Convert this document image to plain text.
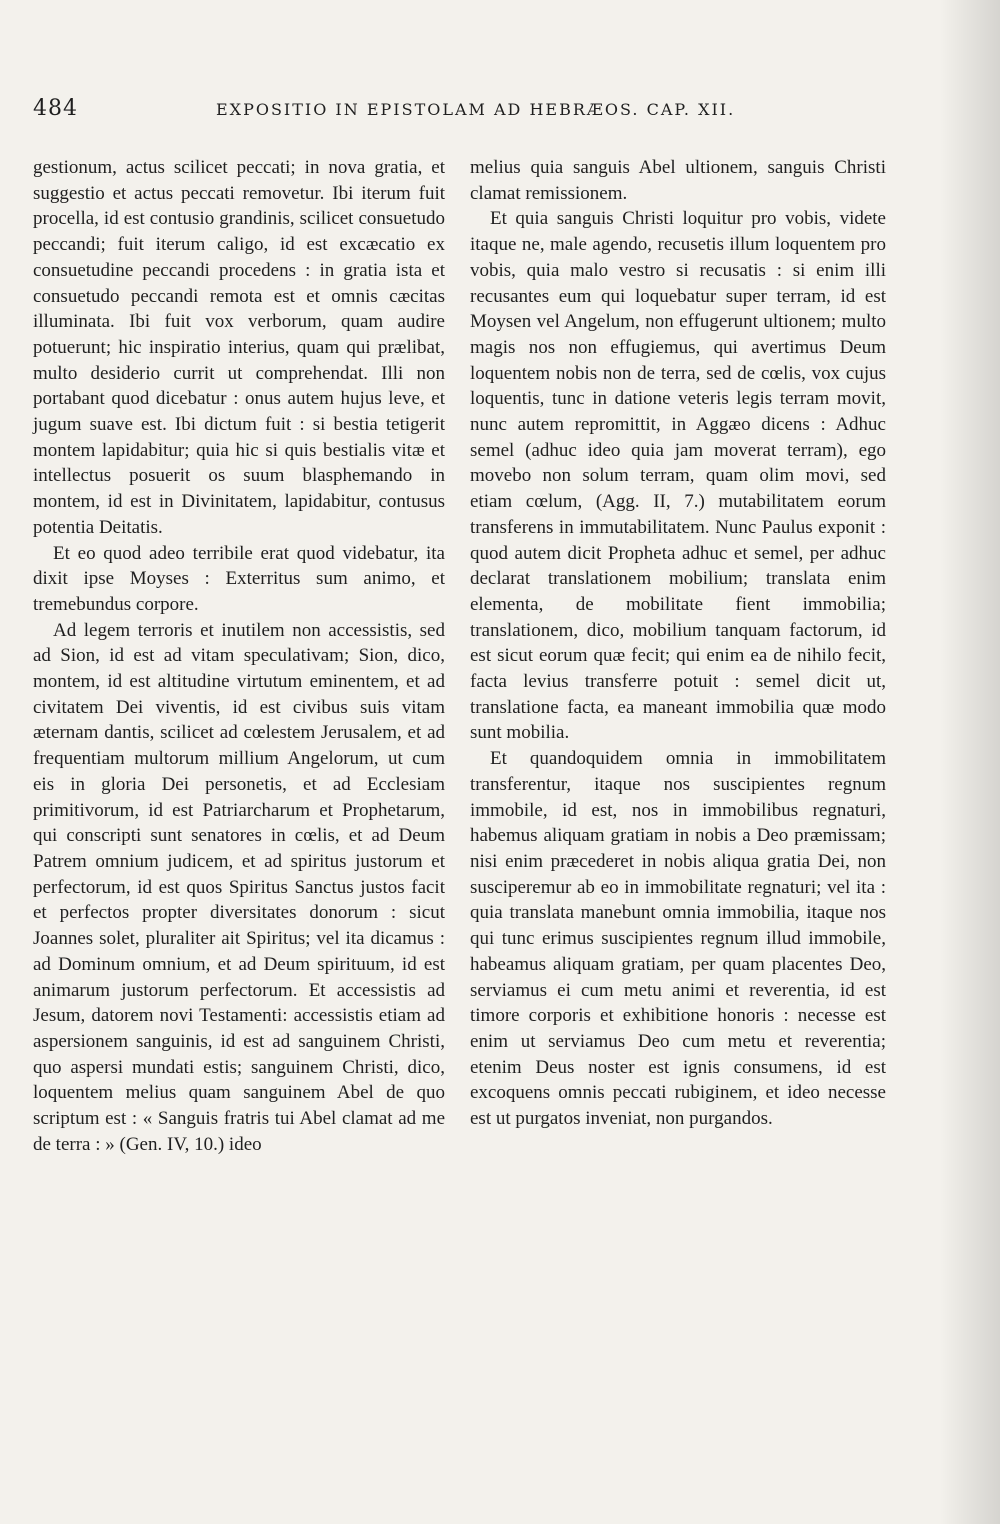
484	EXPOSITIO IN EPISTOLAM AD HEBRÆOS. CAP. XII.

gestionum, actus scilicet peccati; in nova gratia, et suggestio et actus peccati removetur. Ibi iterum fuit procella, id est contusio grandinis, scilicet consuetudo peccandi; fuit iterum caligo, id est excæcatio ex consuetudine peccandi procedens : in gratia ista et consuetudo peccandi remota est et omnis cæcitas illuminata. Ibi fuit vox verborum, quam audire potuerunt; hic inspiratio interius, quam qui prælibat, multo desiderio currit ut comprehendat. Illi non portabant quod dicebatur : onus autem hujus leve, et jugum suave est. Ibi dictum fuit : si bestia tetigerit montem lapidabitur; quia hic si quis bestialis vitæ et intellectus posuerit os suum blasphemando in montem, id est in Divinitatem, lapidabitur, contusus potentia Deitatis.

Et eo quod adeo terribile erat quod videbatur, ita dixit ipse Moyses : Exterritus sum animo, et tremebundus corpore.

Ad legem terroris et inutilem non accessistis, sed ad Sion, id est ad vitam speculativam; Sion, dico, montem, id est altitudine virtutum eminentem, et ad civitatem Dei viventis, id est civibus suis vitam æternam dantis, scilicet ad cœlestem Jerusalem, et ad frequentiam multorum millium Angelorum, ut cum eis in gloria Dei personetis, et ad Ecclesiam primitivorum, id est Patriarcharum et Prophetarum, qui conscripti sunt senatores in cœlis, et ad Deum Patrem omnium judicem, et ad spiritus justorum et perfectorum, id est quos Spiritus Sanctus justos facit et perfectos propter diversitates donorum : sicut Joannes solet, pluraliter ait Spiritus; vel ita dicamus : ad Dominum omnium, et ad Deum spirituum, id est animarum justorum perfectorum. Et accessistis ad Jesum, datorem novi Testamenti: accessistis etiam ad aspersionem sanguinis, id est ad sanguinem Christi, quo aspersi mundati estis; sanguinem Christi, dico, loquentem melius quam sanguinem Abel de quo scriptum est : « Sanguis fratris tui Abel clamat ad me de terra : » (Gen. IV, 10.) ideo

melius quia sanguis Abel ultionem, sanguis Christi clamat remissionem.

Et quia sanguis Christi loquitur pro vobis, videte itaque ne, male agendo, recusetis illum loquentem pro vobis, quia malo vestro si recusatis : si enim illi recusantes eum qui loquebatur super terram, id est Moysen vel Angelum, non effugerunt ultionem; multo magis nos non effugiemus, qui avertimus Deum loquentem nobis non de terra, sed de cœlis, vox cujus loquentis, tunc in datione veteris legis terram movit, nunc autem repromittit, in Aggæo dicens : Adhuc semel (adhuc ideo quia jam moverat terram), ego movebo non solum terram, quam olim movi, sed etiam cœlum, (Agg. II, 7.) mutabilitatem eorum transferens in immutabilitatem. Nunc Paulus exponit : quod autem dicit Propheta adhuc et semel, per adhuc declarat translationem mobilium; translata enim elementa, de mobilitate fient immobilia; translationem, dico, mobilium tanquam factorum, id est sicut eorum quæ fecit; qui enim ea de nihilo fecit, facta levius transferre potuit : semel dicit ut, translatione facta, ea maneant immobilia quæ modo sunt mobilia.

Et quandoquidem omnia in immobilitatem transferentur, itaque nos suscipientes regnum immobile, id est, nos in immobilibus regnaturi, habemus aliquam gratiam in nobis a Deo præmissam; nisi enim præcederet in nobis aliqua gratia Dei, non susciperemur ab eo in immobilitate regnaturi; vel ita : quia translata manebunt omnia immobilia, itaque nos qui tunc erimus suscipientes regnum illud immobile, habeamus aliquam gratiam, per quam placentes Deo, serviamus ei cum metu animi et reverentia, id est timore corporis et exhibitione honoris : necesse est enim ut serviamus Deo cum metu et reverentia; etenim Deus noster est ignis consumens, id est excoquens omnis peccati rubiginem, et ideo necesse est ut purgatos inveniat, non purgandos.
